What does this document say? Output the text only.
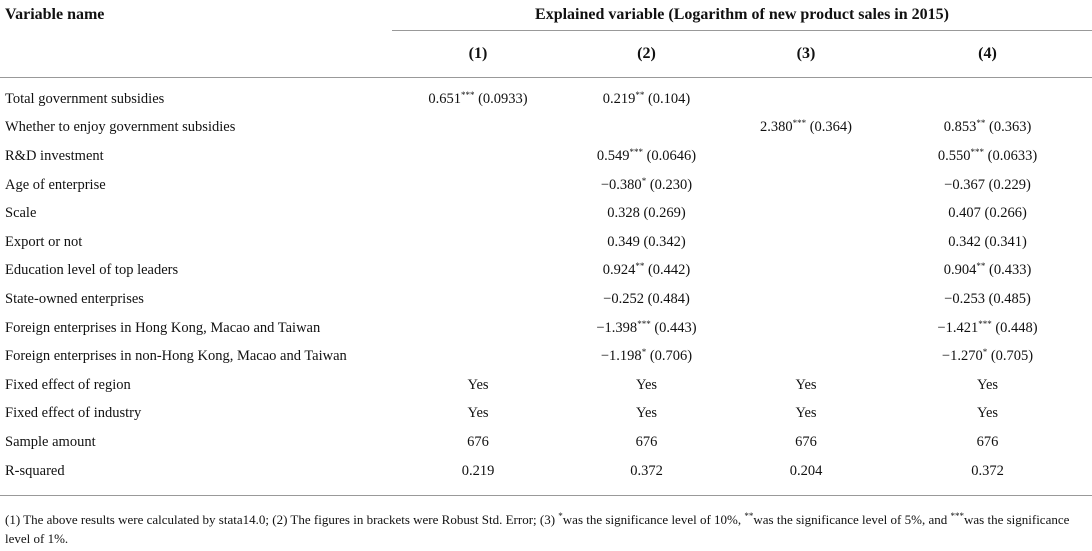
Variable name	Explained variable (Logarithm of new product sales in 2015)			
	(1)	(2)	(3)	(4)

Total government subsidies	0.651*** (0.0933)	0.219** (0.104)		
Whether to enjoy government subsidies			2.380*** (0.364)	0.853** (0.363)
R&D investment		0.549*** (0.0646)		0.550*** (0.0633)
Age of enterprise		−0.380* (0.230)		−0.367 (0.229)
Scale		0.328 (0.269)		0.407 (0.266)
Export or not		0.349 (0.342)		0.342 (0.341)
Education level of top leaders		0.924** (0.442)		0.904** (0.433)
State-owned enterprises		−0.252 (0.484)		−0.253 (0.485)
Foreign enterprises in Hong Kong, Macao and Taiwan		−1.398*** (0.443)		−1.421*** (0.448)
Foreign enterprises in non-Hong Kong, Macao and Taiwan		−1.198* (0.706)		−1.270* (0.705)
Fixed effect of region	Yes	Yes	Yes	Yes
Fixed effect of industry	Yes	Yes	Yes	Yes
Sample amount	676	676	676	676
R-squared	0.219	0.372	0.204	0.372

(1) The above results were calculated by stata14.0; (2) The figures in brackets were Robust Std. Error; (3) *was the significance level of 10%, **was the significance level of 5%, and ***was the significance level of 1%.
